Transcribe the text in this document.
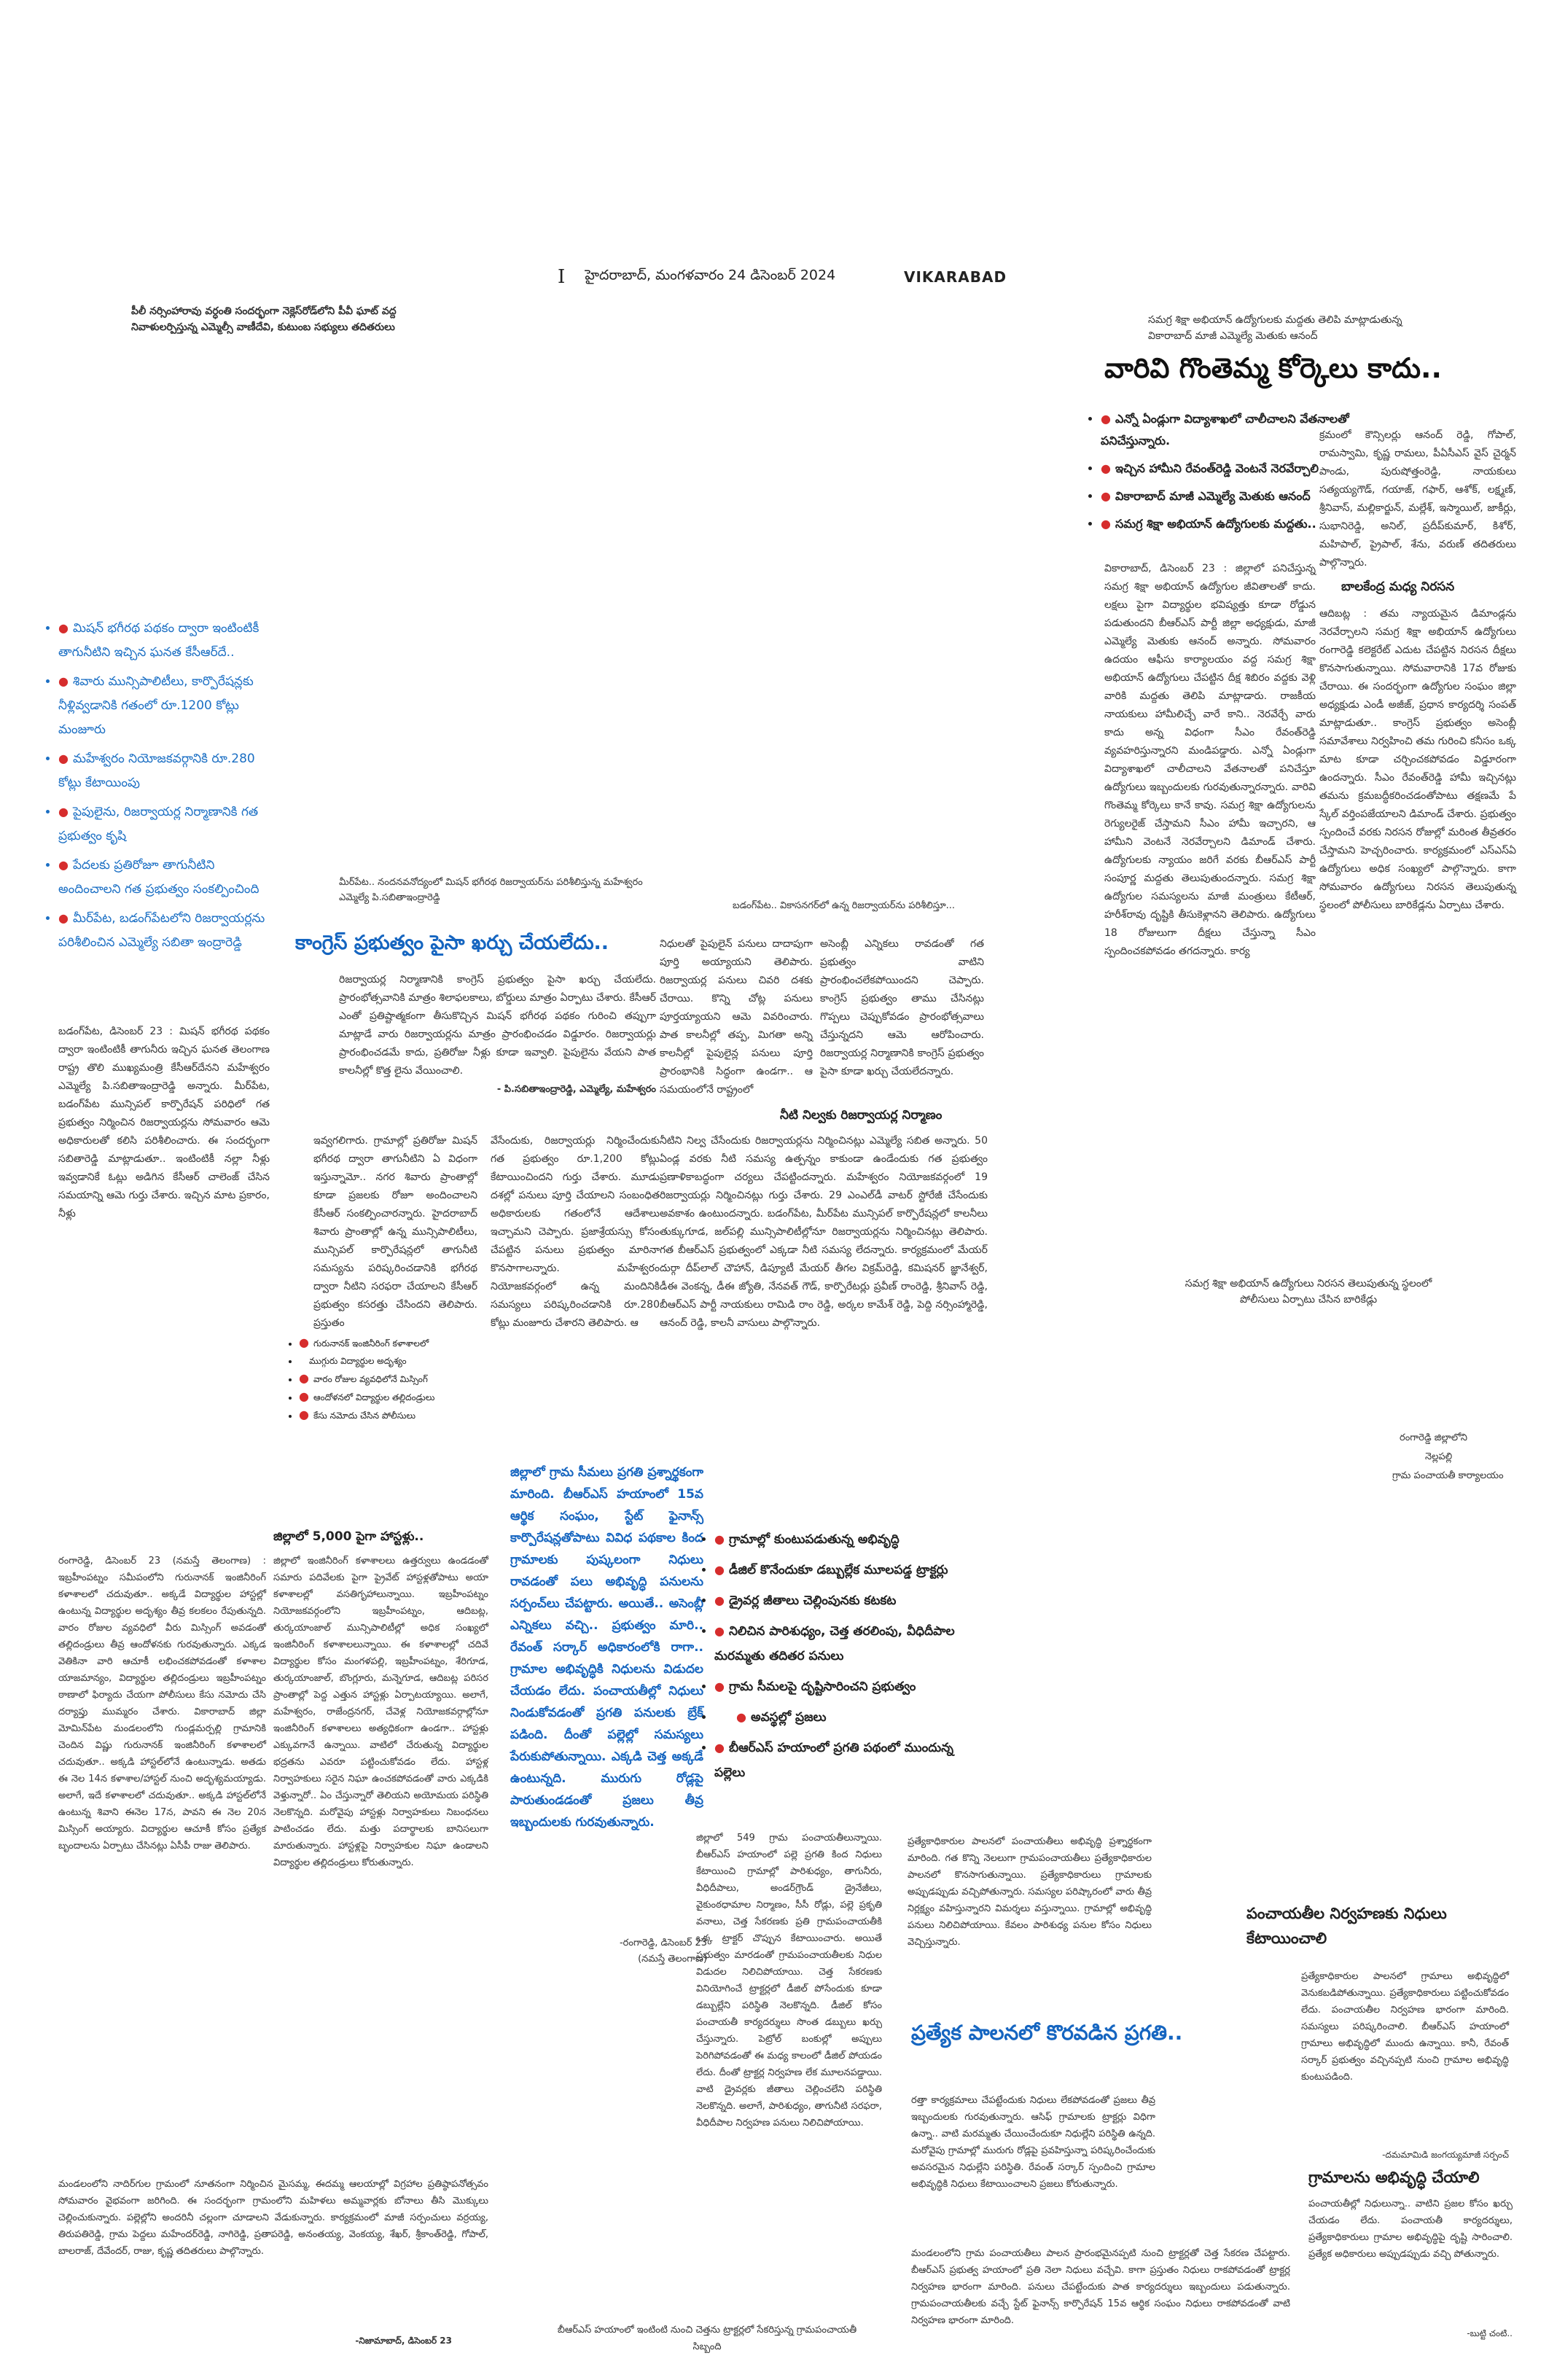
I హైదరాబాద్, మంగళవారం 24 డిసెంబర్ 2024	VIKARABAD
పీలీ నర్సింహారావు వర్ధంతి సందర్భంగా నెక్లెస్‌రోడ్‌లోని పీవీ ఘాట్ వద్ద
నివాళులర్పిస్తున్న ఎమ్మెల్సీ వాణీదేవి, కుటుంబ సభ్యులు తదితరులు
● • మిషన్ భగీరథ పథకం ద్వారా ఇంటింటికీ తాగునీటిని ఇచ్చిన ఘనత కేసీఆర్‌దే..
● • శివారు మున్సిపాలిటీలు, కార్పొరేషన్లకు నీళ్లివ్వడానికి గతంలో రూ.1200 కోట్లు మంజూరు
● • మహేశ్వరం నియోజకవర్గానికి రూ.280 కోట్లు కేటాయింపు
● • పైపులైను, రిజర్వాయర్ల నిర్మాణానికి గత ప్రభుత్వం కృషి
● • పేదలకు ప్రతిరోజూ తాగునీటిని అందించాలని గత ప్రభుత్వం సంకల్పించింది
● • మీర్‌పేట, బడంగ్‌పేటలోని రిజర్వాయర్లను పరిశీలించిన ఎమ్మెల్యే సబితా ఇంద్రారెడ్డి
మీర్‌పేట.. నందనవనోద్యంలో మిషన్ భగీరథ రిజర్వాయర్‌ను పరిశీలిస్తున్న మహేశ్వరం ఎమ్మెల్యే పి.సబితాఇంద్రారెడ్డి
బడంగ్‌పేట.. వికాసనగర్‌లో ఉన్న రిజర్వాయర్‌ను పరిశీలిస్తూ...
కాంగ్రెస్ ప్రభుత్వం పైసా ఖర్చు చేయలేదు..
రిజర్వాయర్ల నిర్మాణానికి కాంగ్రెస్ ప్రభుత్వం పైసా ఖర్చు చేయలేదు. ప్రారంభోత్సవానికి మాత్రం శిలాఫలకాలు, బోర్డులు మాత్రం ఏర్పాటు చేశారు. కేసీఆర్ ఎంతో ప్రతిష్టాత్మకంగా తీసుకొచ్చిన మిషన్ భగీరథ పథకం గురించి తప్పుగా మాట్లాడే వారు రిజర్వాయర్లను మాత్రం ప్రారంభించడం విడ్డూరం. రిజర్వాయర్లు ప్రారంభించడమే కాదు, ప్రతిరోజు నీళ్లు కూడా ఇవ్వాలి. పైపులైను వేయని పాత కాలనీల్లో కొత్త లైను వేయించాలి.
- పి.సబితాఇంద్రారెడ్డి, ఎమ్మెల్యే, మహేశ్వరం
బడంగ్‌పేట, డిసెంబర్ 23 : మిషన్ భగీరథ పథకం ద్వారా ఇంటింటికీ తాగునీరు ఇచ్చిన ఘనత తెలంగాణ రాష్ట్ర తొలి ముఖ్యమంత్రి కేసీఆర్‌దేనని మహేశ్వరం ఎమ్మెల్యే పి.సబితాఇంద్రారెడ్డి అన్నారు. మీర్‌పేట, బడంగ్‌పేట మున్సిపల్ కార్పొరేషన్ పరిధిలో గత ప్రభుత్వం నిర్మించిన రిజర్వాయర్లను సోమవారం ఆమె అధికారులతో కలిసి పరిశీలించారు. ఈ సందర్భంగా సబితారెడ్డి మాట్లాడుతూ.. ఇంటింటికీ నల్లా నీళ్లు ఇవ్వడానికే ఓట్లు అడిగిన కేసీఆర్ చాలెంజ్ చేసిన సమయాన్ని ఆమె గుర్తు చేశారు. ఇచ్చిన మాట ప్రకారం, నీళ్లు
ఇవ్వగలిగారు. గ్రామాల్లో ప్రతిరోజు మిషన్ భగీరథ ద్వారా తాగునీటిని ఏ విధంగా ఇస్తున్నామో.. నగర శివారు ప్రాంతాల్లో కూడా ప్రజలకు రోజూ అందించాలని కేసీఆర్ సంకల్పించారన్నారు. హైదరాబాద్ శివారు ప్రాంతాల్లో ఉన్న మున్సిపాలిటీలు, మున్సిపల్ కార్పొరేషన్లలో తాగునీటి సమస్యను పరిష్కరించడానికి భగీరథ ద్వారా నీటిని సరఫరా చేయాలని కేసీఆర్ ప్రభుత్వం కసరత్తు చేసిందని తెలిపారు. ప్రస్తుతం
వేసేందుకు, రిజర్వాయర్లు నిర్మించేందుకు గత ప్రభుత్వం రూ.1,200 కోట్లు కేటాయించిందని గుర్తు చేశారు. మూడు దశల్లో పనులు పూర్తి చేయాలని సంబంధిత అధికారులకు గతంలోనే ఆదేశాలు ఇచ్చామని చెప్పారు. ప్రజాశ్రేయస్సు కోసం చేపట్టిన పనులు ప్రభుత్వం మారినా కొనసాగాలన్నారు. మహేశ్వరం నియోజకవర్గంలో ఉన్న మందినికి సమస్యలు పరిష్కరించడానికి రూ.280 కోట్లు మంజూరు చేశారని తెలిపారు. ఆ
నిధులతో పైపులైన్ పనులు దాదాపుగా పూర్తి అయ్యాయని తెలిపారు. రిజర్వాయర్ల పనులు చివరి దశకు చేరాయి. కొన్ని చోట్ల పనులు పూర్తయ్యాయని ఆమె వివరించారు. పాత కాలనీల్లో తప్ప, మిగతా అన్ని కాలనీల్లో పైపులైన్ల పనులు పూర్తి ప్రారంభానికి సిద్ధంగా ఉండగా.. ఆ సమయంలోనే రాష్ట్రంలో
అసెంబ్లీ ఎన్నికలు రావడంతో గత ప్రభుత్వం వాటిని ప్రారంభించలేకపోయిందని చెప్పారు. కాంగ్రెస్ ప్రభుత్వం తాము చేసినట్లు గొప్పలు చెప్పుకోవడం ప్రారంభోత్సవాలు చేస్తున్నదని ఆమె ఆరోపించారు. రిజర్వాయర్ల నిర్మాణానికి కాంగ్రెస్ ప్రభుత్వం పైసా కూడా ఖర్చు చేయలేదన్నారు.
నీటి నిల్వకు రిజర్వాయర్ల నిర్మాణం
నీటిని నిల్వ చేసేందుకు రిజర్వాయర్లను నిర్మించినట్లు ఎమ్మెల్యే సబిత అన్నారు. 50 ఏండ్ల వరకు నీటి సమస్య ఉత్పన్నం కాకుండా ఉండేందుకు గత ప్రభుత్వం ప్రణాళికాబద్ధంగా చర్యలు చేపట్టిందన్నారు. మహేశ్వరం నియోజకవర్గంలో 19 రిజర్వాయర్లు నిర్మించినట్లు గుర్తు చేశారు. 29 ఎంఎల్‌డీ వాటర్ స్టోరేజీ చేసేందుకు అవకాశం ఉంటుందన్నారు. బడంగ్‌పేట, మీర్‌పేట మున్సిపల్ కార్పొరేషన్లలో కాలనీలు తుక్కుగూడ, జల్‌పల్లి మున్సిపాలిటీల్లోనూ రిజర్వాయర్లను నిర్మించినట్లు తెలిపారు. గత బీఆర్ఎస్ ప్రభుత్వంలో ఎక్కడా నీటి సమస్య లేదన్నారు. కార్యక్రమంలో మేయర్ దుర్గా దీప్‌లాల్ చౌహాన్, డిప్యూటీ మేయర్ తీగల విక్రమ్‌రెడ్డి, కమిషనర్ జ్ఞానేశ్వర్, డీఈ వెంకన్న, డీఈ జ్యోతి, నేనవత్ గౌడ్, కార్పొరేటర్లు ప్రవీణ్ రాంరెడ్డి, శ్రీనివాస్ రెడ్డి, బీఆర్ఎస్ పార్టీ నాయకులు రామిడి రాం రెడ్డి, అర్కల కామేశ్ రెడ్డి, పెద్ది నర్సింహ్మారెడ్డి, ఆనంద్ రెడ్డి, కాలనీ వాసులు పాల్గొన్నారు.
సమగ్ర శిక్షా అభియాన్ ఉద్యోగులకు మద్దతు తెలిపి మాట్లాడుతున్న
వికారాబాద్ మాజీ ఎమ్మెల్యే మెతుకు ఆనంద్
వారివి గొంతెమ్మ కోర్కెలు కాదు..
● • ఎన్నో ఏండ్లుగా విద్యాశాఖలో చాలీచాలని వేతనాలతో పనిచేస్తున్నారు.
● • ఇచ్చిన హామీని రేవంత్‌రెడ్డి వెంటనే నెరవేర్చాలి
● • వికారాబాద్ మాజీ ఎమ్మెల్యే మెతుకు ఆనంద్
● • సమగ్ర శిక్షా అభియాన్ ఉద్యోగులకు మద్దతు..
వికారాబాద్, డిసెంబర్ 23 : జిల్లాలో పనిచేస్తున్న సమగ్ర శిక్షా అభియాన్ ఉద్యోగుల జీవితాలతో కాదు. లక్షలు పైగా విద్యార్థుల భవిష్యత్తు కూడా రోడ్డున పడుతుందని బీఆర్ఎస్ పార్టీ జిల్లా అధ్యక్షుడు, మాజీ ఎమ్మెల్యే మెతుకు ఆనంద్ అన్నారు. సోమవారం ఉదయం ఆఫీసు కార్యాలయం వద్ద సమగ్ర శిక్షా అభియాన్ ఉద్యోగులు చేపట్టిన దీక్ష శిబిరం వద్దకు వెళ్లి వారికి మద్దతు తెలిపి మాట్లాడారు. రాజకీయ నాయకులు హామీలిచ్చే వారే కాని.. నెరవేర్చే వారు కాదు అన్న విధంగా సీఎం రేవంత్‌రెడ్డి వ్యవహరిస్తున్నారని మండిపడ్డారు. ఎన్నో ఏండ్లుగా విద్యాశాఖలో చాలీచాలని వేతనాలతో పనిచేస్తూ ఉద్యోగులు ఇబ్బందులకు గురవుతున్నారన్నారు. వారివి గొంతెమ్మ కోర్కెలు కానే కావు. సమగ్ర శిక్షా ఉద్యోగులను రెగ్యులరైజ్ చేస్తామని సీఎం హామీ ఇచ్చారని, ఆ హామీని వెంటనే నెరవేర్చాలని డిమాండ్ చేశారు. ఉద్యోగులకు న్యాయం జరిగే వరకు బీఆర్ఎస్ పార్టీ సంపూర్ణ మద్దతు తెలుపుతుందన్నారు. సమగ్ర శిక్షా ఉద్యోగుల సమస్యలను మాజీ మంత్రులు కేటీఆర్, హరీశ్‌రావు దృష్టికి తీసుకెళ్లానని తెలిపారు. ఉద్యోగులు 18 రోజులుగా దీక్షలు చేస్తున్నా సీఎం స్పందించకపోవడం తగదన్నారు. కార్య
క్రమంలో కౌన్సిలర్లు ఆనంద్ రెడ్డి, గోపాల్, రామస్వామి, కృష్ణ రామలు, పీఏసీఎస్ వైస్ చైర్మన్ పాండు, పురుషోత్తంరెడ్డి, నాయకులు సత్యయ్యగౌడ్, గయాజ్, గఫార్, ఆశోక్, లక్ష్మణ్, శ్రీనివాస్, మల్లికార్జున్, మల్లేశ్, ఇస్మాయిల్, జాకీర్లు, సుభానిరెడ్డి, అనిల్, ప్రదీప్‌కుమార్, కిశోర్, మహిపాల్, ప్రైపాల్, శేను, వరుణ్ తదితరులు పాల్గొన్నారు.
బాలకేంద్ర మధ్య నిరసన
ఆదిబట్ల : తమ న్యాయమైన డిమాండ్లను నెరవేర్చాలని సమగ్ర శిక్షా అభియాన్ ఉద్యోగులు రంగారెడ్డి కలెక్టరేట్ ఎదుట చేపట్టిన నిరసన దీక్షలు కొనసాగుతున్నాయి. సోమవారానికి 17వ రోజుకు చేరాయి. ఈ సందర్భంగా ఉద్యోగుల సంఘం జిల్లా అధ్యక్షుడు ఎండీ అజీజ్, ప్రధాన కార్యదర్శి సంపత్ మాట్లాడుతూ.. కాంగ్రెస్ ప్రభుత్వం అసెంబ్లీ సమావేశాలు నిర్వహించి తమ గురించి కనీసం ఒక్క మాట కూడా చర్చించకపోవడం విడ్డూరంగా ఉందన్నారు. సీఎం రేవంత్‌రెడ్డి హామీ ఇచ్చినట్లు తమను క్రమబద్ధీకరించడంతోపాటు తక్షణమే పే స్కేల్ వర్తింపజేయాలని డిమాండ్ చేశారు. ప్రభుత్వం స్పందించే వరకు నిరసన రోజుల్లో మరింత తీవ్రతరం చేస్తామని హెచ్చరించారు. కార్యక్రమంలో ఎస్ఎస్ఏ ఉద్యోగులు అధిక సంఖ్యలో పాల్గొన్నారు. కాగా సోమవారం ఉద్యోగులు నిరసన తెలుపుతున్న స్థలంలో పోలీసులు బారికేడ్లను ఏర్పాటు చేశారు.
సమగ్ర శిక్షా అభియాన్ ఉద్యోగులు నిరసన తెలుపుతున్న స్థలంలో
పోలీసులు ఏర్పాటు చేసిన బారికేడ్లు
● • గురునానక్ ఇంజినీరింగ్ కళాశాలలో
• ముగ్గురు విద్యార్థుల అదృశ్యం
● • వారం రోజుల వ్యవధిలోనే మిస్సింగ్
● • ఆందోళనలో విద్యార్థుల తల్లిదండ్రులు
● • కేసు నమోదు చేసిన పోలీసులు
జిల్లాలో 5,000 పైగా హాస్టళ్లు..
రంగారెడ్డి, డిసెంబర్ 23 (నమస్తే తెలంగాణ) : ఇబ్రహీంపట్నం సమీపంలోని గురునానక్ ఇంజినీరింగ్ కళాశాలలో చదువుతూ.. అక్కడే విద్యార్థుల హాస్టల్లో ఉంటున్న విద్యార్థుల అదృశ్యం తీవ్ర కలకలం రేపుతున్నది. వారం రోజుల వ్యవధిలో వీరు మిస్సింగ్ అవడంతో తల్లిదండ్రులు తీవ్ర ఆందోళనకు గురవుతున్నారు. ఎక్కడ వెతికినా వారి ఆచూకీ లభించకపోవడంతో కళాశాల యాజమాన్యం, విద్యార్థుల తల్లిదండ్రులు ఇబ్రహీంపట్నం ఠాణాలో ఫిర్యాదు చేయగా పోలీసులు కేసు నమోదు చేసి దర్యాప్తు ముమ్మరం చేశారు. వికారాబాద్ జిల్లా మోమిన్‌పేట మండలంలోని గుండ్లమర్పల్లి గ్రామానికి చెందిన విష్ణు గురునానక్ ఇంజినీరింగ్ కళాశాలలో చదువుతూ.. అక్కడి హాస్టల్‌లోనే ఉంటున్నాడు. అతడు ఈ నెల 14న కళాశాల/హాస్టల్ నుంచి అదృశ్యమయ్యాడు. అలాగే, ఇదే కళాశాలలో చదువుతూ.. అక్కడి హాస్టల్‌లోనే ఉంటున్న శివాని ఈనెల 17న, పావని ఈ నెల 20న మిస్సింగ్ అయ్యారు. విద్యార్థుల ఆచూకీ కోసం ప్రత్యేక బృందాలను ఏర్పాటు చేసినట్లు ఏసీపీ రాజు తెలిపారు.
జిల్లాలో ఇంజినీరింగ్ కళాశాలలు ఉత్తర్వులు ఉండడంతో సమారు పదివేలకు పైగా ప్రైవేట్ హాస్టళ్లతోపాటు అయా కళాశాలల్లో వసతిగృహాలున్నాయి. ఇబ్రహీంపట్నం నియోజకవర్గంలోని ఇబ్రహీంపట్నం, ఆదిబట్ల, తుర్కయాంజాల్ మున్సిపాలిటీల్లో అధిక సంఖ్యలో ఇంజినీరింగ్ కళాశాలలున్నాయి. ఈ కళాశాలల్లో చదివే విద్యార్థుల కోసం మంగళపల్లి, ఇబ్రహీంపట్నం, శేరిగూడ, తుర్కయాంజాల్, బొంగ్లూరు, మన్నెగూడ, ఆదిబట్ల పరిసర ప్రాంతాల్లో పెద్ద ఎత్తున హాస్టళ్లు ఏర్పాటయ్యాయి. అలాగే, మహేశ్వరం, రాజేంద్రనగర్, చేవెళ్ల నియోజకవర్గాల్లోనూ ఇంజినీరింగ్ కళాశాలలు అత్యధికంగా ఉండగా.. హాస్టళ్లు ఎక్కువగానే ఉన్నాయి. వాటిలో చేరుతున్న విద్యార్థుల భద్రతను ఎవరూ పట్టించుకోవడం లేదు. హాస్టళ్ల నిర్వాహకులు సరైన నిఘా ఉంచకపోవడంతో వారు ఎక్కడికి వెళ్తున్నారో.. ఏం చేస్తున్నారో తెలియని అయోమయ పరిస్థితి నెలకొన్నది. మరోవైపు హాస్టళ్లు నిర్వాహకులు నిబంధనలు పాటించడం లేదు. మత్తు పదార్థాలకు బానిసలుగా మారుతున్నారు. హాస్టళ్లపై నిర్వాహకుల నిఘా ఉండాలని విద్యార్థుల తల్లిదండ్రులు కోరుతున్నారు.
రంగారెడ్డి జిల్లాలోని
నెల్లపల్లి
గ్రామ పంచాయతీ కార్యాలయం
జిల్లాలో గ్రామ సీమలు ప్రగతి ప్రశ్నార్థకంగా మారింది. బీఆర్ఎస్ హయాంలో 15వ ఆర్థిక సంఘం, స్టేట్ ఫైనాన్స్ కార్పొరేషన్లతోపాటు వివిధ పథకాల కింద గ్రామాలకు పుష్కలంగా నిధులు రావడంతో పలు అభివృద్ధి పనులను సర్పంచ్‌లు చేపట్టారు. అయితే.. అసెంబ్లీ ఎన్నికలు వచ్చి.. ప్రభుత్వం మారి.. రేవంత్ సర్కార్ అధికారంలోకి రాగా.. గ్రామాల అభివృద్ధికి నిధులను విడుదల చేయడం లేదు. పంచాయతీల్లో నిధులు నిండుకోవడంతో ప్రగతి పనులకు బ్రేక్ పడింది. దీంతో పల్లెల్లో సమస్యలు పేరుకుపోతున్నాయి. ఎక్కడి చెత్త అక్కడే ఉంటున్నది. మురుగు రోడ్లపై పారుతుండడంతో ప్రజలు తీవ్ర ఇబ్బందులకు గురవుతున్నారు.
-రంగారెడ్డి, డిసెంబర్ 23
(నమస్తే తెలంగాణ)
● • గ్రామాల్లో కుంటుపడుతున్న అభివృద్ధి
● • డీజిల్ కొనేందుకూ డబ్బుల్లేక మూలపడ్డ ట్రాక్టర్లు
● • డ్రైవర్ల జీతాలు చెల్లింపునకు కటకట
● • నిలిచిన పారిశుధ్యం, చెత్త తరలింపు, వీధిదీపాల మరమ్మతు తదితర పనులు
● • గ్రామ సీమలపై దృష్టిసారించని ప్రభుత్వం
● • అవస్థల్లో ప్రజలు
● • బీఆర్ఎస్ హయాంలో ప్రగతి పథంలో ముందున్న పల్లెలు
జిల్లాలో 549 గ్రామ పంచాయతీలున్నాయి. బీఆర్ఎస్ హయాంలో పల్లె ప్రగతి కింద నిధులు కేటాయించి గ్రామాల్లో పారిశుధ్యం, తాగునీరు, వీధిదీపాలు, అండర్‌గ్రౌండ్ డ్రైనేజీలు, వైకుంఠధామాల నిర్మాణం, సీసీ రోడ్లు, పల్లె ప్రకృతి వనాలు, చెత్త సేకరణకు ప్రతి గ్రామపంచాయతీకి ఒక్క ట్రాక్టర్ చొప్పున కేటాయించారు. అయితే ప్రభుత్వం మారడంతో గ్రామపంచాయతీలకు నిధుల విడుదల నిలిచిపోయాయి. చెత్త సేకరణకు వినియోగించే ట్రాక్టర్లలో డీజిల్ పోసేందుకు కూడా డబ్బుల్లేని పరిస్థితి నెలకొన్నది. డీజిల్ కోసం పంచాయతీ కార్యదర్శులు సొంత డబ్బులు ఖర్చు చేస్తున్నారు. పెట్రోల్ బంకుల్లో అప్పులు పెరిగిపోవడంతో ఈ మధ్య కాలంలో డీజిల్ పోయడం లేదు. దీంతో ట్రాక్టర్ల నిర్వహణ లేక మూలనపడ్డాయి. వాటి డ్రైవర్లకు జీతాలు చెల్లించలేని పరిస్థితి నెలకొన్నది. అలాగే, పారిశుధ్యం, తాగునీటి సరఫరా, వీధిదీపాల నిర్వహణ పనులు నిలిచిపోయాయి.
ప్రత్యేకాధికారుల పాలనలో పంచాయతీలు అభివృద్ధి ప్రశ్నార్థకంగా మారింది. గత కొన్ని నెలలుగా గ్రామపంచాయతీలు ప్రత్యేకాధికారుల పాలనలో కొనసాగుతున్నాయి. ప్రత్యేకాధికారులు గ్రామాలకు అప్పుడప్పుడు వచ్చిపోతున్నారు. సమస్యల పరిష్కారంలో వారు తీవ్ర నిర్లక్ష్యం వహిస్తున్నారని విమర్శలు వస్తున్నాయి. గ్రామాల్లో అభివృద్ధి పనులు నిలిచిపోయాయి. కేవలం పారిశుధ్య పనుల కోసం నిధులు వెచ్చిస్తున్నారు.
ప్రత్యేక పాలనలో కొరవడిన ప్రగతి..
రత్తా కార్యక్రమాలు చేపట్టేందుకు నిధులు లేకపోవడంతో ప్రజలు తీవ్ర ఇబ్బందులకు గురవుతున్నారు. ఆసిఫ్ గ్రామాలకు ట్రాక్టర్లు విధిగా ఉన్నా.. వాటి మరమ్మతు చేయించేందుకూ నిధుల్లేని పరిస్థితి ఉన్నది. మరోవైపు గ్రామాల్లో మురుగు రోడ్లపై ప్రవహిస్తున్నా పరిష్కరించేందుకు అవసరమైన నిధుల్లేని పరిస్థితి. రేవంత్ సర్కార్ స్పందించి గ్రామాల అభివృద్ధికి నిధులు కేటాయించాలని ప్రజలు కోరుతున్నారు.
మండలంలోని గ్రామ పంచాయతీలు పాలన ప్రారంభమైనప్పటి నుంచి ట్రాక్టర్లతో చెత్త సేకరణ చేపట్టారు. బీఆర్ఎస్ ప్రభుత్వ హయాంలో ప్రతి నెలా నిధులు వచ్చేవి. కాగా ప్రస్తుతం నిధులు రాకపోవడంతో ట్రాక్టర్ల నిర్వహణ భారంగా మారింది. పనులు చేపట్టేందుకు పాత కార్యదర్శులు ఇబ్బందులు పడుతున్నారు. గ్రామపంచాయతీలకు వచ్చే స్టేట్ ఫైనాన్స్ కార్పొరేషన్ 15వ ఆర్థిక సంఘం నిధులు రాకపోవడంతో వాటి నిర్వహణ భారంగా మారింది.
పంచాయతీల నిర్వహణకు నిధులు కేటాయించాలి
ప్రత్యేకాధికారుల పాలనలో గ్రామాలు అభివృద్ధిలో వెనుకబడిపోతున్నాయి. ప్రత్యేకాధికారులు పట్టించుకోవడం లేదు. పంచాయతీల నిర్వహణ భారంగా మారింది. సమస్యలు పరిష్కరించాలి. బీఆర్ఎస్ హయాంలో గ్రామాలు అభివృద్ధిలో ముందు ఉన్నాయి. కానీ, రేవంత్ సర్కార్ ప్రభుత్వం వచ్చినప్పటి నుంచి గ్రామాల అభివృద్ధి కుంటుపడింది.
-దమమామిడి జంగయ్యమాజీ సర్పంచ్
గ్రామాలను అభివృద్ధి చేయాలి
పంచాయతీల్లో నిధులున్నా.. వాటిని ప్రజల కోసం ఖర్చు చేయడం లేదు. పంచాయతీ కార్యదర్శులు, ప్రత్యేకాధికారులు గ్రామాల అభివృద్ధిపై దృష్టి సారించాలి. ప్రత్యేక అధికారులు అప్పుడప్పుడు వచ్చి పోతున్నారు.
-బుట్టి చంటి..
మండలంలోని నాదిర్‌గుల గ్రామంలో నూతనంగా నిర్మించిన మైసమ్మ, ఈదమ్మ ఆలయాల్లో విగ్రహాల ప్రతిష్ఠాపనోత్సవం సోమవారం వైభవంగా జరిగింది. ఈ సందర్భంగా గ్రామంలోని మహిళలు అమ్మవార్లకు బోనాలు తీసి మొక్కులు చెల్లించుకున్నారు. పల్లెల్లోని అందరినీ చల్లంగా చూడాలని వేడుకున్నారు. కార్యక్రమంలో మాజీ సర్పంచులు వర్రయ్య, తిరుపతిరెడ్డి, గ్రామ పెద్దలు మహేందర్‌రెడ్డి, నాగిరెడ్డి, ప్రతాపరెడ్డి, అనంతయ్య, వెంకయ్య, శేఖర్, శ్రీకాంత్‌రెడ్డి, గోపాల్, బాలరాజ్, దేవేందర్, రాజు, కృష్ణ తదితరులు పాల్గొన్నారు.
-నిజామాబాద్, డిసెంబర్ 23
బీఆర్ఎస్ హయాంలో ఇంటింటి నుంచి చెత్తను ట్రాక్టర్లలో సేకరిస్తున్న గ్రామపంచాయతీ సిబ్బంది
